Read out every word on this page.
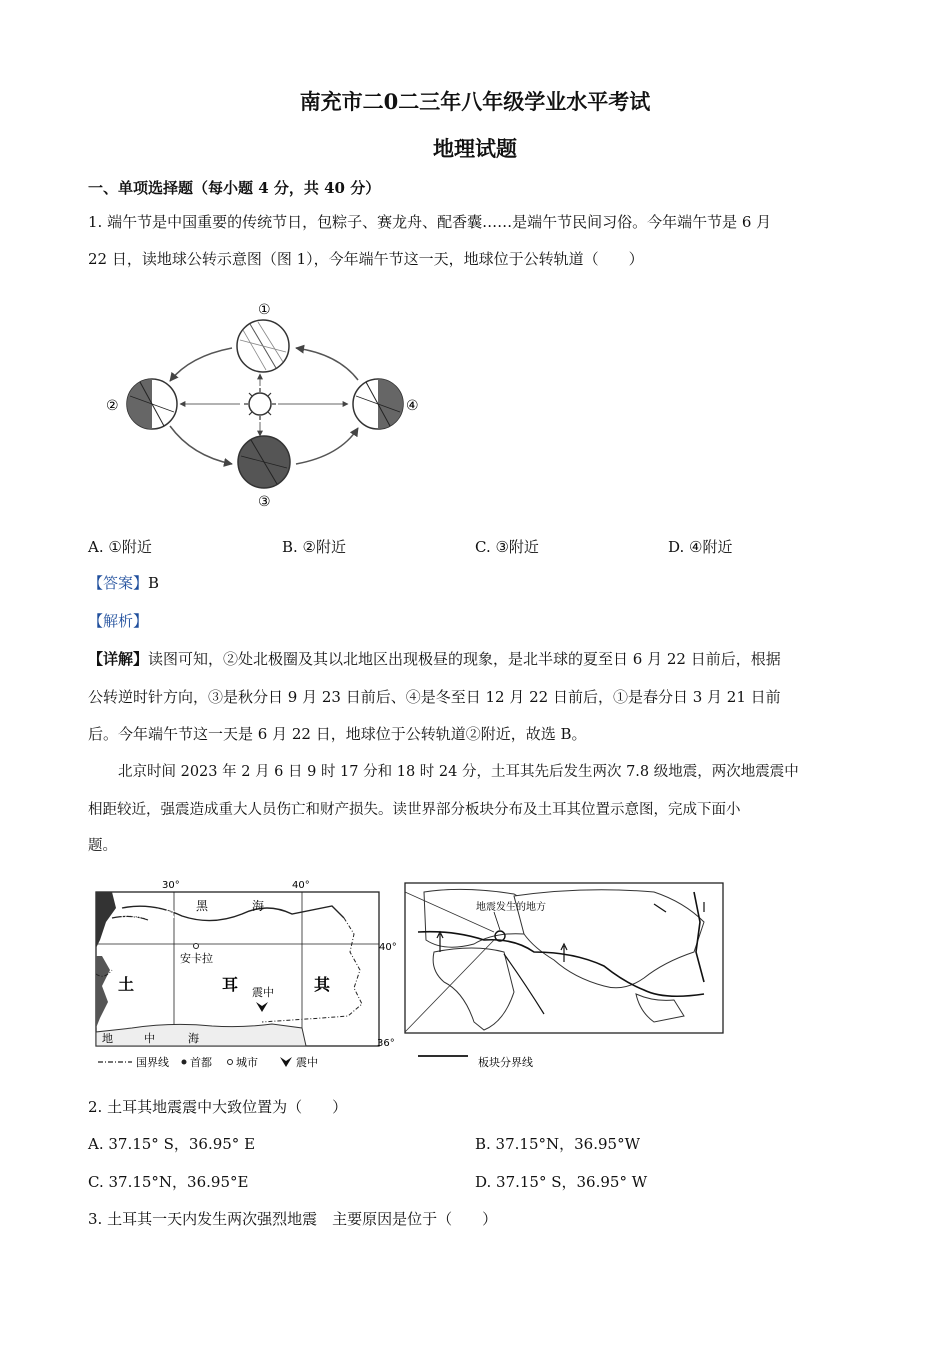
南充市二0二三年八年级学业水平考试
地理试题
一、单项选择题（每小题 4 分，共 40 分）
1. 端午节是中国重要的传统节日，包粽子、赛龙舟、配香囊……是端午节民间习俗。今年端午节是 6 月
22 日，读地球公转示意图（图 1），今年端午节这一天，地球位于公转轨道（　　）
①
②	④
③
A. ①附近	B. ②附近	C. ③附近	D. ④附近
【答案】B
【解析】
【详解】读图可知，②处北极圈及其以北地区出现极昼的现象，是北半球的夏至日 6 月 22 日前后，根据
公转逆时针方向，③是秋分日 9 月 23 日前后、④是冬至日 12 月 22 日前后，①是春分日 3 月 21 日前
后。今年端午节这一天是 6 月 22 日，地球位于公转轨道②附近，故选 B。
北京时间 2023 年 2 月 6 日 9 时 17 分和 18 时 24 分，土耳其先后发生两次 7.8 级地震，两次地震震中
相距较近，强震造成重大人员伤亡和财产损失。读世界部分板块分布及土耳其位置示意图，完成下面小
题。
30°	40°
40°
36°
黑	海
伊斯坦布尔
安卡拉
土	耳	其
震中
地	中	海
国界线 首都 城市	震中
地震发生的地方
板块分界线
2. 土耳其地震震中大致位置为（　　）
A. 37.15° S，36.95° E	B. 37.15°N，36.95°W
C. 37.15°N，36.95°E	D. 37.15° S，36.95° W
3. 土耳其一天内发生两次强烈地震　主要原因是位于（　　）
